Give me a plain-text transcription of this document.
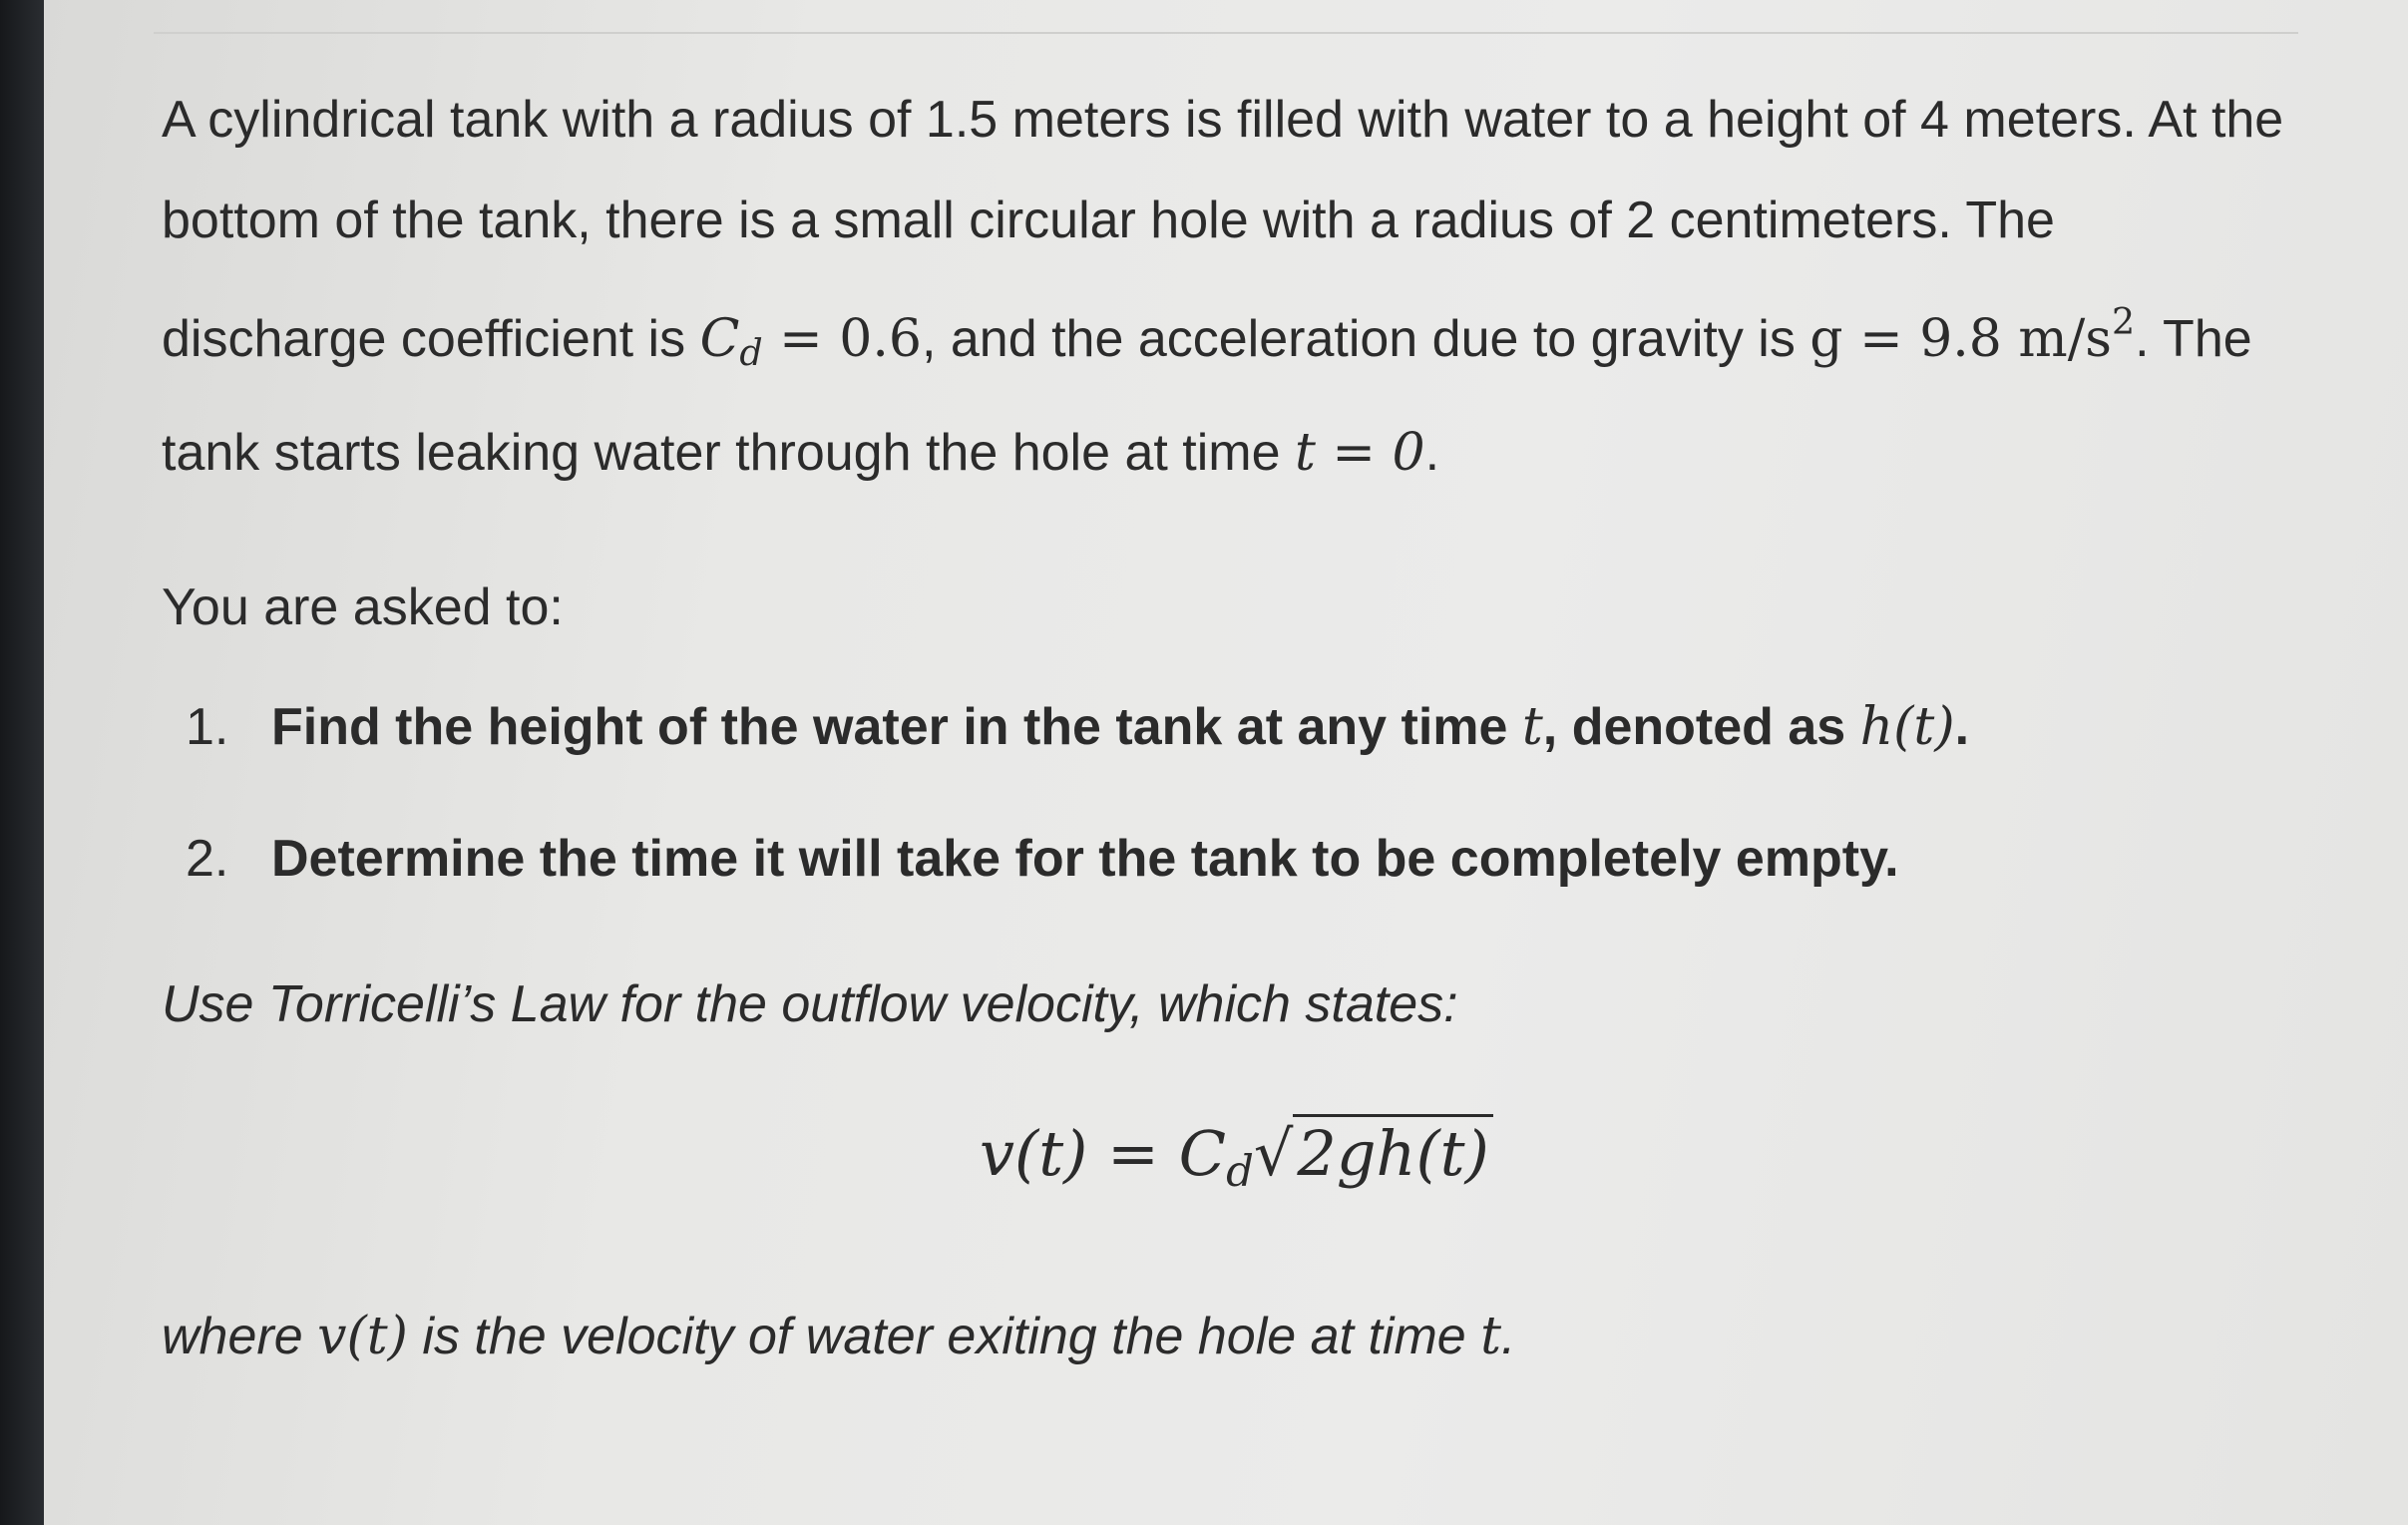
A cylindrical tank with a radius of 1.5 meters is filled with water to a height of 4 meters. At the bottom of the tank, there is a small circular hole with a radius of 2 centimeters. The discharge coefficient is $C_d = 0.6$, and the acceleration due to gravity is g = 9.8 $m/s^2$. The tank starts leaking water through the hole at time t = 0.

You are asked to:

1. Find the height of the water in the tank at any time t, denoted as h(t).
2. Determine the time it will take for the tank to be completely empty.

Use Torricelli’s Law for the outflow velocity, which states:

$v(t) = C_d√2gh(t)$

where v(t) is the velocity of water exiting the hole at time t.
